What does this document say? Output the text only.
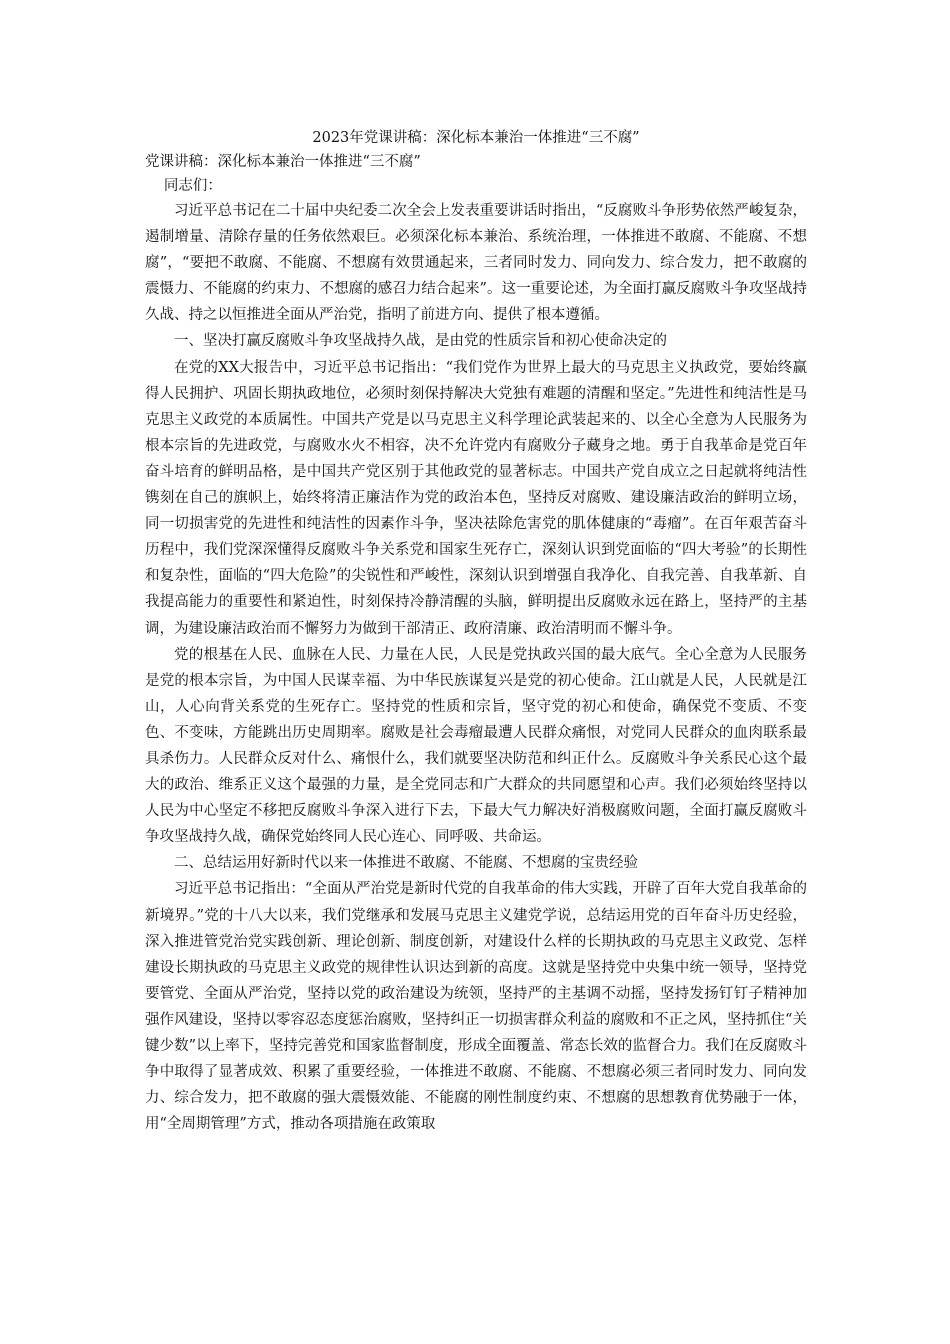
2023年党课讲稿：深化标本兼治一体推进“三不腐”
党课讲稿：深化标本兼治一体推进“三不腐”
同志们：

习近平总书记在二十届中央纪委二次全会上发表重要讲话时指出，“反腐败斗争形势依然严峻复杂，遏制增量、清除存量的任务依然艰巨。必须深化标本兼治、系统治理，一体推进不敢腐、不能腐、不想腐”，“要把不敢腐、不能腐、不想腐有效贯通起来，三者同时发力、同向发力、综合发力，把不敢腐的震慑力、不能腐的约束力、不想腐的感召力结合起来”。这一重要论述，为全面打赢反腐败斗争攻坚战持久战、持之以恒推进全面从严治党，指明了前进方向、提供了根本遵循。

一、坚决打赢反腐败斗争攻坚战持久战，是由党的性质宗旨和初心使命决定的

在党的XX大报告中，习近平总书记指出：“我们党作为世界上最大的马克思主义执政党，要始终赢得人民拥护、巩固长期执政地位，必须时刻保持解决大党独有难题的清醒和坚定。”先进性和纯洁性是马克思主义政党的本质属性。中国共产党是以马克思主义科学理论武装起来的、以全心全意为人民服务为根本宗旨的先进政党，与腐败水火不相容，决不允许党内有腐败分子藏身之地。勇于自我革命是党百年奋斗培育的鲜明品格，是中国共产党区别于其他政党的显著标志。中国共产党自成立之日起就将纯洁性镌刻在自己的旗帜上，始终将清正廉洁作为党的政治本色，坚持反对腐败、建设廉洁政治的鲜明立场，同一切损害党的先进性和纯洁性的因素作斗争，坚决祛除危害党的肌体健康的“毒瘤”。在百年艰苦奋斗历程中，我们党深深懂得反腐败斗争关系党和国家生死存亡，深刻认识到党面临的“四大考验”的长期性和复杂性，面临的“四大危险”的尖锐性和严峻性，深刻认识到增强自我净化、自我完善、自我革新、自我提高能力的重要性和紧迫性，时刻保持冷静清醒的头脑，鲜明提出反腐败永远在路上，坚持严的主基调，为建设廉洁政治而不懈努力为做到干部清正、政府清廉、政治清明而不懈斗争。

党的根基在人民、血脉在人民、力量在人民，人民是党执政兴国的最大底气。全心全意为人民服务是党的根本宗旨，为中国人民谋幸福、为中华民族谋复兴是党的初心使命。江山就是人民，人民就是江山，人心向背关系党的生死存亡。坚持党的性质和宗旨，坚守党的初心和使命，确保党不变质、不变色、不变味，方能跳出历史周期率。腐败是社会毒瘤最遭人民群众痛恨，对党同人民群众的血肉联系最具杀伤力。人民群众反对什么、痛恨什么，我们就要坚决防范和纠正什么。反腐败斗争关系民心这个最大的政治、维系正义这个最强的力量，是全党同志和广大群众的共同愿望和心声。我们必须始终坚持以人民为中心坚定不移把反腐败斗争深入进行下去，下最大气力解决好消极腐败问题，全面打赢反腐败斗争攻坚战持久战，确保党始终同人民心连心、同呼吸、共命运。

二、总结运用好新时代以来一体推进不敢腐、不能腐、不想腐的宝贵经验

习近平总书记指出：“全面从严治党是新时代党的自我革命的伟大实践，开辟了百年大党自我革命的新境界。”党的十八大以来，我们党继承和发展马克思主义建党学说，总结运用党的百年奋斗历史经验，深入推进管党治党实践创新、理论创新、制度创新，对建设什么样的长期执政的马克思主义政党、怎样建设长期执政的马克思主义政党的规律性认识达到新的高度。这就是坚持党中央集中统一领导，坚持党要管党、全面从严治党，坚持以党的政治建设为统领，坚持严的主基调不动摇，坚持发扬钉钉子精神加强作风建设，坚持以零容忍态度惩治腐败，坚持纠正一切损害群众利益的腐败和不正之风，坚持抓住“关键少数”以上率下，坚持完善党和国家监督制度，形成全面覆盖、常态长效的监督合力。我们在反腐败斗争中取得了显著成效、积累了重要经验，一体推进不敢腐、不能腐、不想腐必须三者同时发力、同向发力、综合发力，把不敢腐的强大震慑效能、不能腐的刚性制度约束、不想腐的思想教育优势融于一体，用“全周期管理”方式，推动各项措施在政策取
